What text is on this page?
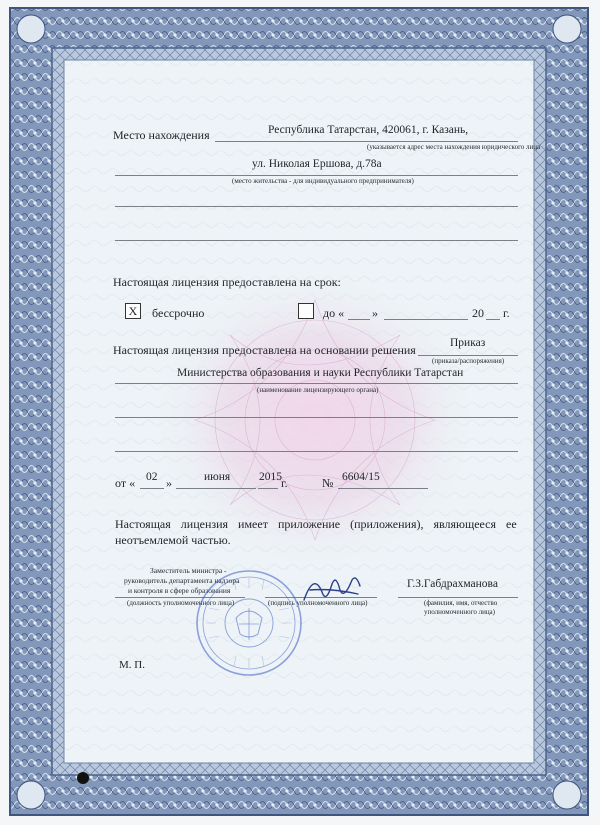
Место нахождения	Республика Татарстан, 420061, г. Казань,
(указывается адрес места нахождения юридического лица
ул. Николая Ершова, д.78а
(место жительства - для индивидуального предпринимателя)
Настоящая лицензия предоставлена на срок:
X	бессрочно	до « »	20 г.
Настоящая лицензия предоставлена на основании решения	Приказ
(приказа/распоряжения)
Министерства образования и науки Республики Татарстан
(наименование лицензирующего органа)
от « 02 »	июня	2015 г.	№ 6604/15
Настоящая лицензия имеет приложение (приложения), являющееся ее
неотъемлемой частью.
Заместитель министра -
руководитель департамента надзора
и контроля в сфере образования
(должность уполномоченного лица)	(подпись уполномоченного лица)
Г.З.Габдрахманова
(фамилия, имя, отчество
уполномоченного лица)
М. П.
